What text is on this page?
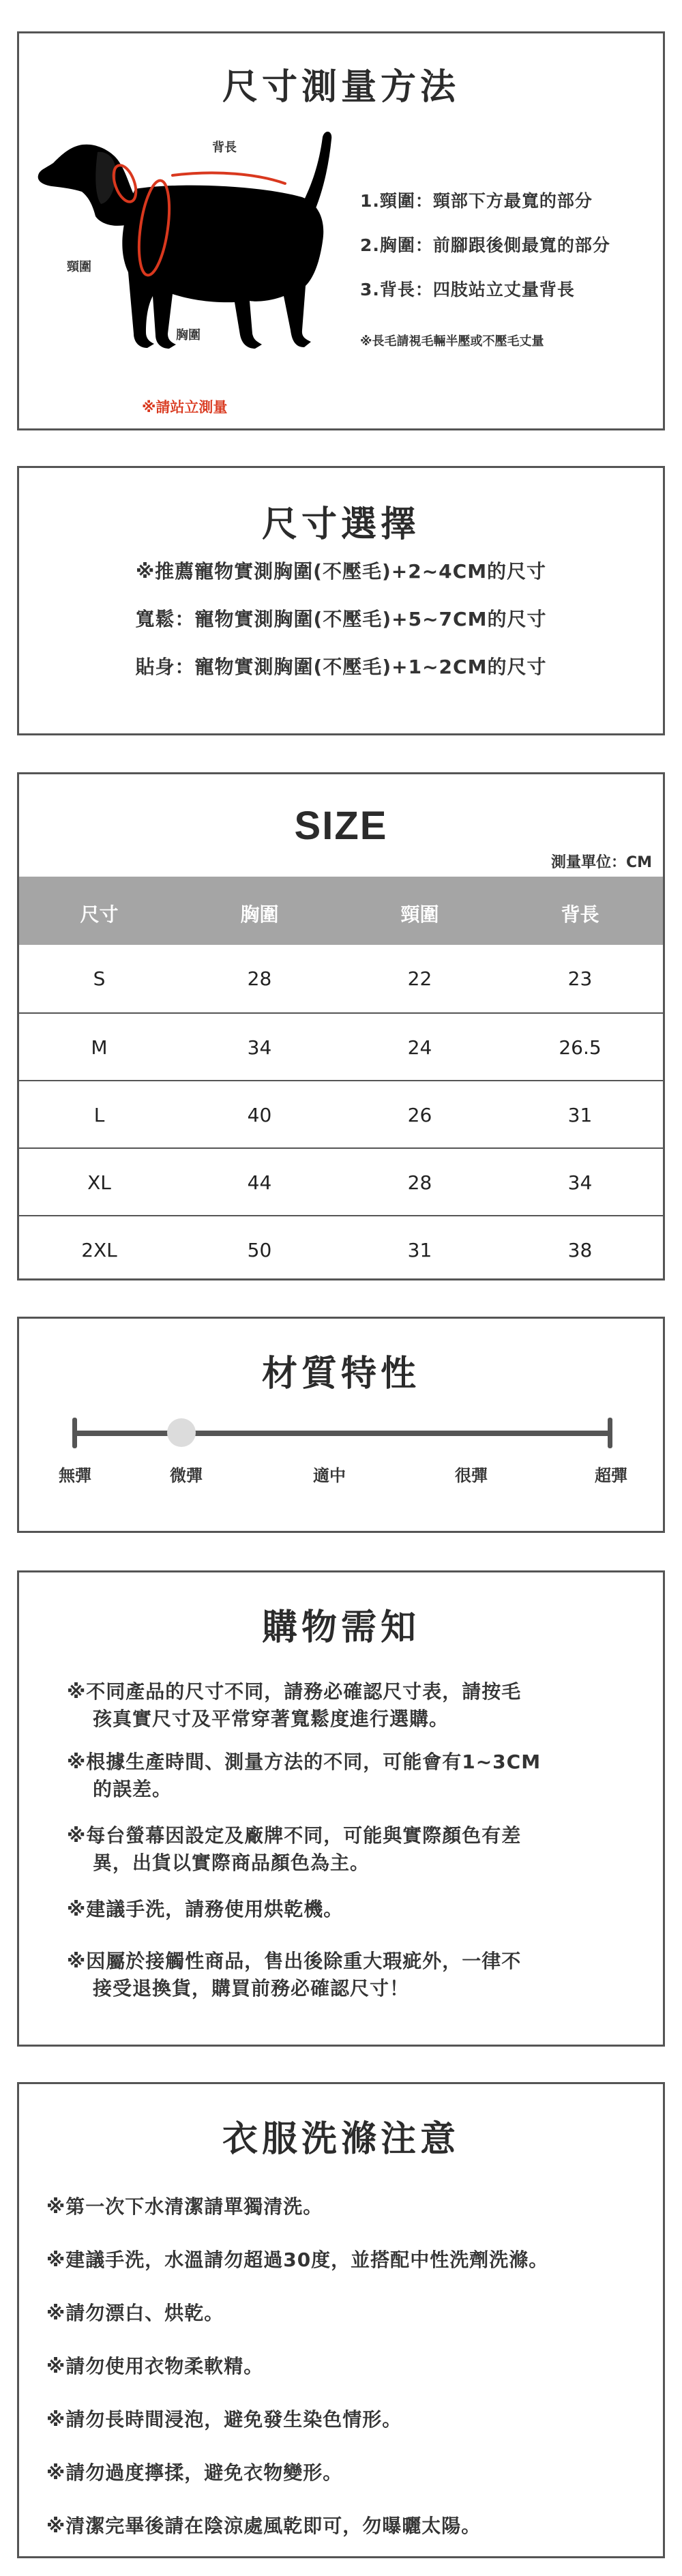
尺寸測量方法
背長
頸圍
胸圍
※請站立測量
1.頸圍：頸部下方最寬的部分
2.胸圍：前腳跟後側最寬的部分
3.背長：四肢站立丈量背長
※長毛請視毛輛半壓或不壓毛丈量
尺寸選擇
※推薦寵物實測胸圍(不壓毛)+2~4CM的尺寸
寬鬆：寵物實測胸圍(不壓毛)+5~7CM的尺寸
貼身：寵物實測胸圍(不壓毛)+1~2CM的尺寸
SIZE
測量單位：CM
尺寸	胸圍	頸圍	背長
S	28	22	23
M	34	24	26.5
L	40	26	31
XL	44	28	34
2XL	50	31	38
材質特性
無彈	微彈	適中	很彈	超彈
購物需知
※不同產品的尺寸不同，請務必確認尺寸表，請按毛
孩真實尺寸及平常穿著寬鬆度進行選購。
※根據生產時間、測量方法的不同，可能會有1~3CM
的誤差。
※每台螢幕因設定及廠牌不同，可能與實際顏色有差
異，出貨以實際商品顏色為主。
※建議手洗，請務使用烘乾機。
※因屬於接觸性商品，售出後除重大瑕疵外，一律不
接受退換貨，購買前務必確認尺寸！
衣服洗滌注意
※第一次下水清潔請單獨清洗。
※建議手洗，水溫請勿超過30度，並搭配中性洗劑洗滌。
※請勿漂白、烘乾。
※請勿使用衣物柔軟精。
※請勿長時間浸泡，避免發生染色情形。
※請勿過度擰揉，避免衣物變形。
※清潔完畢後請在陰涼處風乾即可，勿曝曬太陽。
